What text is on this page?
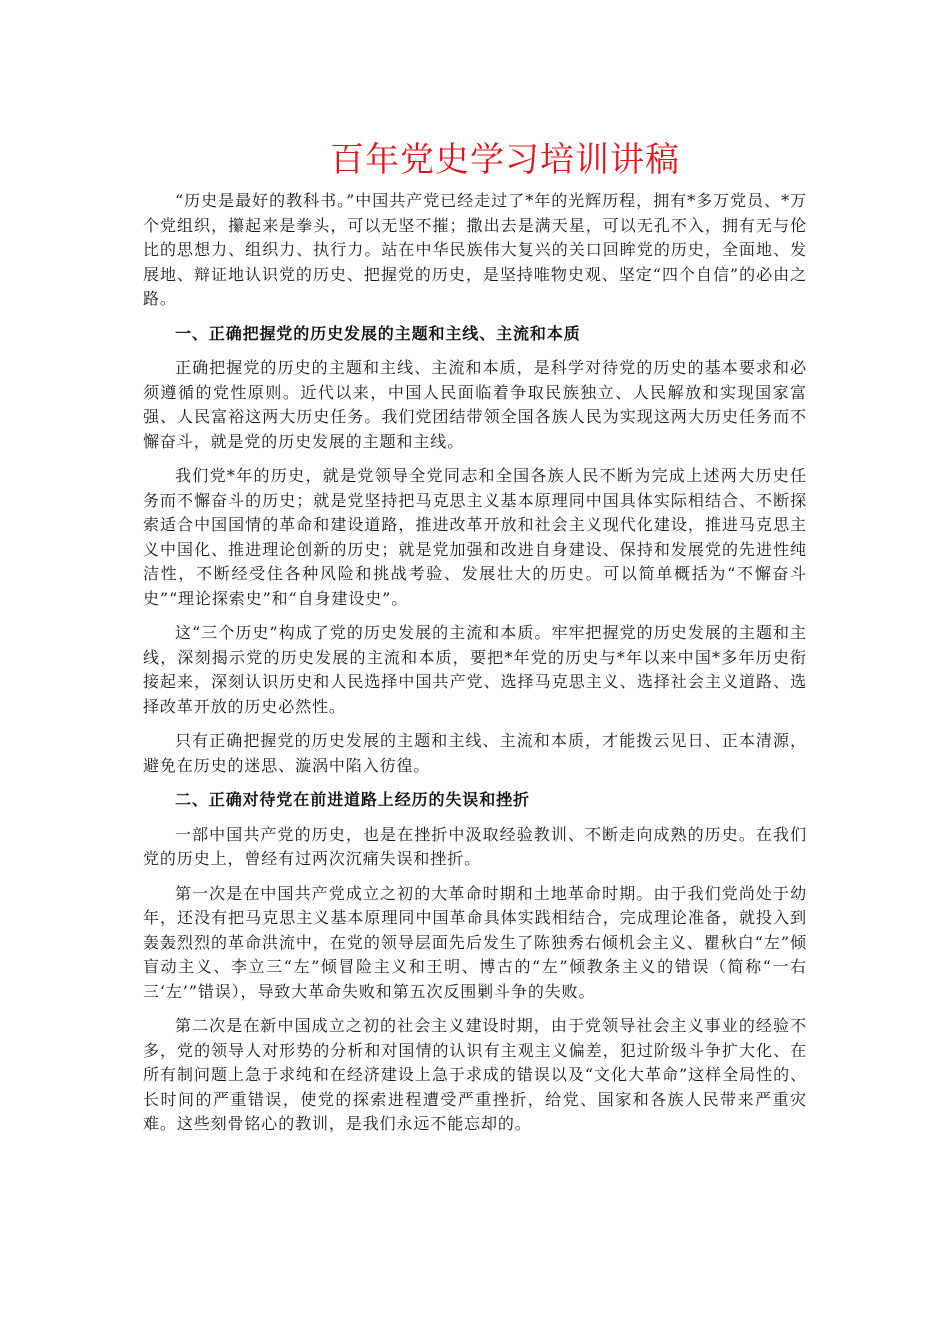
百年党史学习培训讲稿

“历史是最好的教科书。”中国共产党已经走过了*年的光辉历程，拥有*多万党员、*万个党组织，攥起来是拳头，可以无坚不摧；撒出去是满天星，可以无孔不入，拥有无与伦比的思想力、组织力、执行力。站在中华民族伟大复兴的关口回眸党的历史，全面地、发展地、辩证地认识党的历史、把握党的历史，是坚持唯物史观、坚定“四个自信”的必由之路。

一、正确把握党的历史发展的主题和主线、主流和本质

正确把握党的历史的主题和主线、主流和本质，是科学对待党的历史的基本要求和必须遵循的党性原则。近代以来，中国人民面临着争取民族独立、人民解放和实现国家富强、人民富裕这两大历史任务。我们党团结带领全国各族人民为实现这两大历史任务而不懈奋斗，就是党的历史发展的主题和主线。

我们党*年的历史，就是党领导全党同志和全国各族人民不断为完成上述两大历史任务而不懈奋斗的历史；就是党坚持把马克思主义基本原理同中国具体实际相结合、不断探索适合中国国情的革命和建设道路，推进改革开放和社会主义现代化建设，推进马克思主义中国化、推进理论创新的历史；就是党加强和改进自身建设、保持和发展党的先进性纯洁性，不断经受住各种风险和挑战考验、发展壮大的历史。可以简单概括为“不懈奋斗史”“理论探索史”和“自身建设史”。

这“三个历史”构成了党的历史发展的主流和本质。牢牢把握党的历史发展的主题和主线，深刻揭示党的历史发展的主流和本质，要把*年党的历史与*年以来中国*多年历史衔接起来，深刻认识历史和人民选择中国共产党、选择马克思主义、选择社会主义道路、选择改革开放的历史必然性。

只有正确把握党的历史发展的主题和主线、主流和本质，才能拨云见日、正本清源，避免在历史的迷思、漩涡中陷入彷徨。

二、正确对待党在前进道路上经历的失误和挫折

一部中国共产党的历史，也是在挫折中汲取经验教训、不断走向成熟的历史。在我们党的历史上，曾经有过两次沉痛失误和挫折。

第一次是在中国共产党成立之初的大革命时期和土地革命时期。由于我们党尚处于幼年，还没有把马克思主义基本原理同中国革命具体实践相结合，完成理论准备，就投入到轰轰烈烈的革命洪流中，在党的领导层面先后发生了陈独秀右倾机会主义、瞿秋白“左”倾盲动主义、李立三“左”倾冒险主义和王明、博古的“左”倾教条主义的错误（简称“一右三‘左’”错误），导致大革命失败和第五次反围剿斗争的失败。

第二次是在新中国成立之初的社会主义建设时期，由于党领导社会主义事业的经验不多，党的领导人对形势的分析和对国情的认识有主观主义偏差，犯过阶级斗争扩大化、在所有制问题上急于求纯和在经济建设上急于求成的错误以及“文化大革命”这样全局性的、长时间的严重错误，使党的探索进程遭受严重挫折，给党、国家和各族人民带来严重灾难。这些刻骨铭心的教训，是我们永远不能忘却的。
